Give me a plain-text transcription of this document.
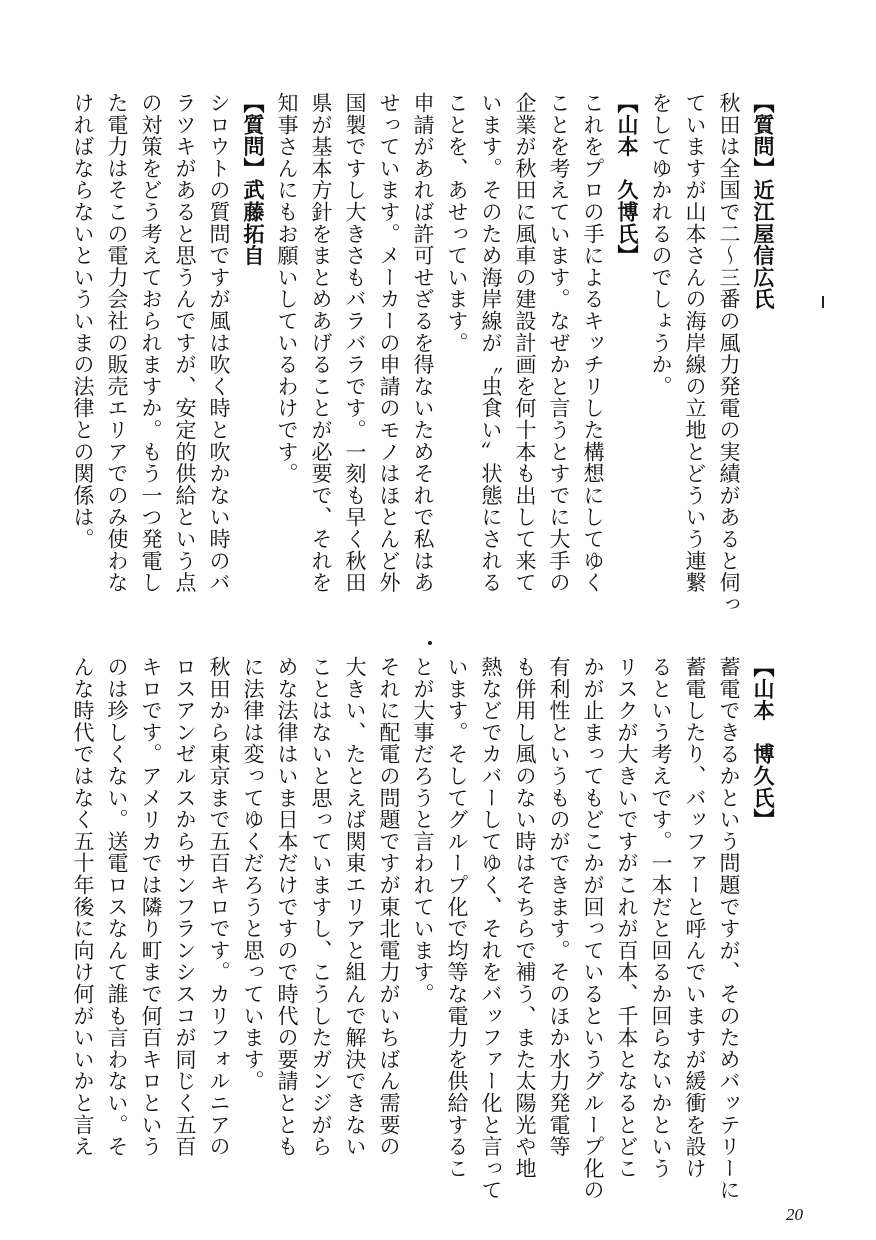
【質問】近江屋信広氏
秋田は全国で二〜三番の風力発電の実績があると伺っ
ていますが山本さんの海岸線の立地とどういう連繋
をしてゆかれるのでしょうか。
【山本　久博氏】
これをプロの手によるキッチリした構想にしてゆく
ことを考えています。なぜかと言うとすでに大手の
企業が秋田に風車の建設計画を何十本も出して来て
います。そのため海岸線が〝虫食い〟状態にされる
ことを、あせっています。
申請があれば許可せざるを得ないためそれで私はあ
せっています。メーカーの申請のモノはほとんど外
国製ですし大きさもバラバラです。一刻も早く秋田
県が基本方針をまとめあげることが必要で、それを
知事さんにもお願いしているわけです。
【質問】武藤拓自
シロウトの質問ですが風は吹く時と吹かない時のバ
ラツキがあると思うんですが、安定的供給という点
の対策をどう考えておられますか。もう一つ発電し
た電力はそこの電力会社の販売エリアでのみ使わな
ければならないといういまの法律との関係は。
【山本　博久氏】
蓄電できるかという問題ですが、そのためバッテリーに
蓄電したり、バッファーと呼んでいますが緩衝を設け
るという考えです。一本だと回るか回らないかという
リスクが大きいですがこれが百本、千本となるとどこ
かが止まってもどこかが回っているというグループ化の
有利性というものができます。そのほか水力発電等
も併用し風のない時はそちらで補う、また太陽光や地
熱などでカバーしてゆく、それをバッファー化と言って
います。そしてグループ化で均等な電力を供給するこ
とが大事だろうと言われています。
それに配電の問題ですが東北電力がいちばん需要の
大きい、たとえば関東エリアと組んで解決できない
ことはないと思っていますし、こうしたガンジがら
めな法律はいま日本だけですので時代の要請ととも
に法律は変ってゆくだろうと思っています。
秋田から東京まで五百キロです。カリフォルニアの
ロスアンゼルスからサンフランシスコが同じく五百
キロです。アメリカでは隣り町まで何百キロという
のは珍しくない。送電ロスなんて誰も言わない。そ
んな時代ではなく五十年後に向け何がいいかと言え
20
